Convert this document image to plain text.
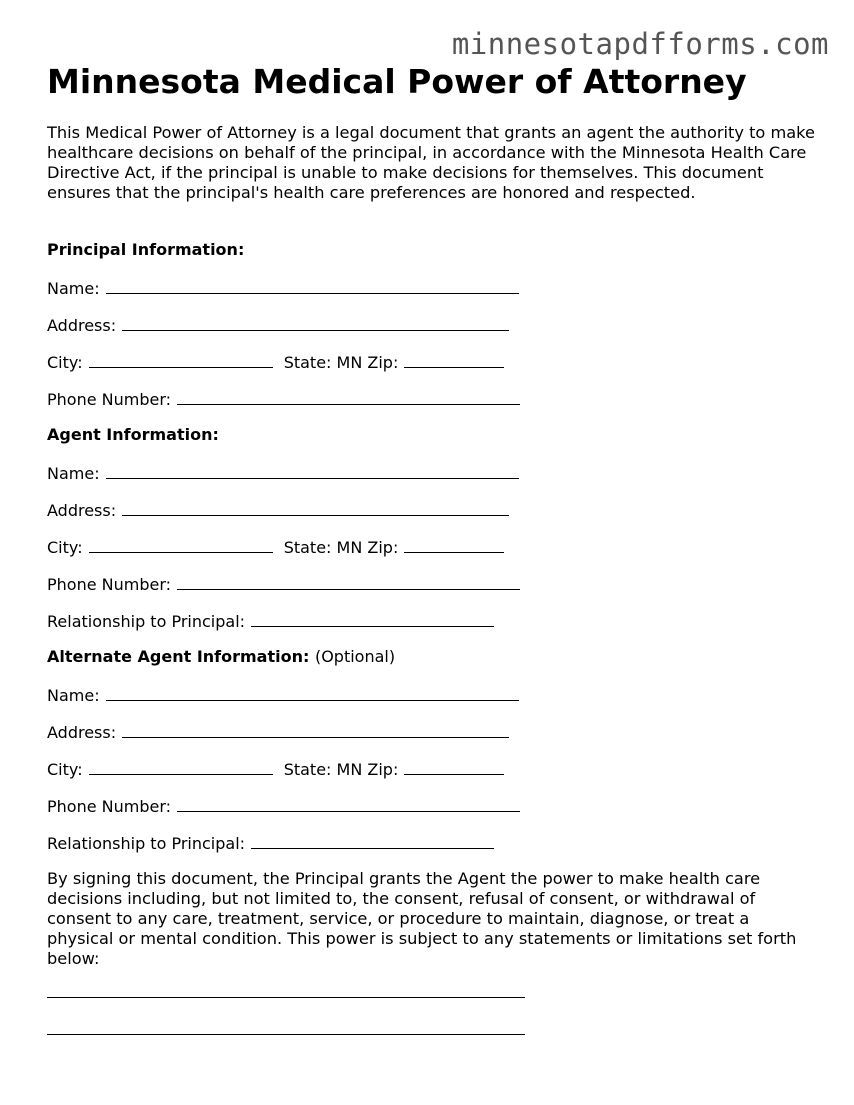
minnesotapdfforms.com
Minnesota Medical Power of Attorney

This Medical Power of Attorney is a legal document that grants an agent the authority to make healthcare decisions on behalf of the principal, in accordance with the Minnesota Health Care Directive Act, if the principal is unable to make decisions for themselves. This document ensures that the principal's health care preferences are honored and respected.

Principal Information:
Name:
Address:
City:	State: MN Zip:
Phone Number:
Agent Information:
Name:
Address:
City:	State: MN Zip:
Phone Number:
Relationship to Principal:
Alternate Agent Information: (Optional)
Name:
Address:
City:	State: MN Zip:
Phone Number:
Relationship to Principal:

By signing this document, the Principal grants the Agent the power to make health care decisions including, but not limited to, the consent, refusal of consent, or withdrawal of consent to any care, treatment, service, or procedure to maintain, diagnose, or treat a physical or mental condition. This power is subject to any statements or limitations set forth below:
